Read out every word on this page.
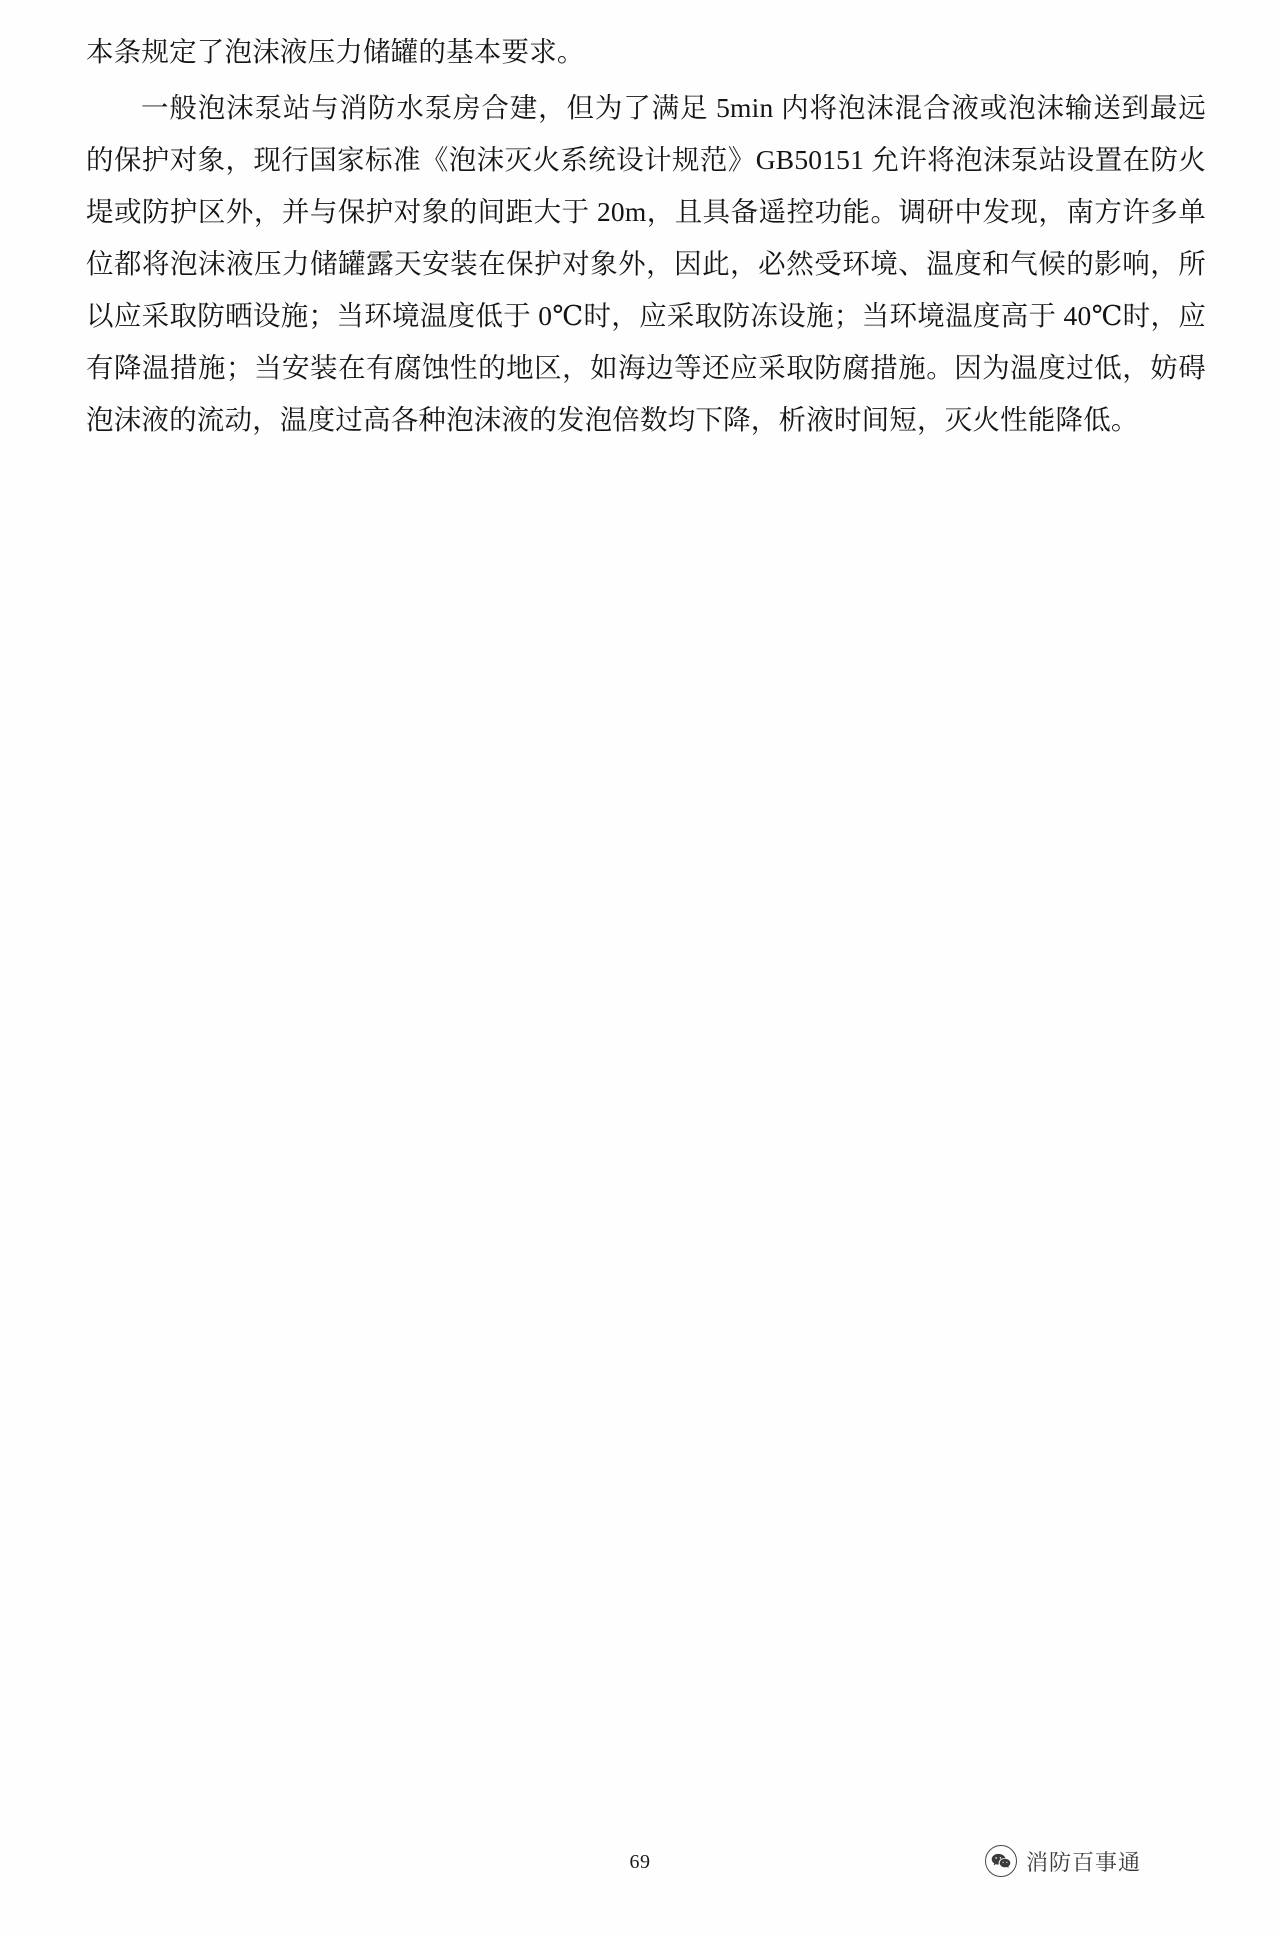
本条规定了泡沫液压力储罐的基本要求。

一般泡沫泵站与消防水泵房合建，但为了满足 5min 内将泡沫混合液或泡沫输送到最远的保护对象，现行国家标准《泡沫灭火系统设计规范》GB50151 允许将泡沫泵站设置在防火堤或防护区外，并与保护对象的间距大于 20m，且具备遥控功能。调研中发现，南方许多单位都将泡沫液压力储罐露天安装在保护对象外，因此，必然受环境、温度和气候的影响，所以应采取防晒设施；当环境温度低于 0℃时，应采取防冻设施；当环境温度高于 40℃时，应有降温措施；当安装在有腐蚀性的地区，如海边等还应采取防腐措施。因为温度过低，妨碍泡沫液的流动，温度过高各种泡沫液的发泡倍数均下降，析液时间短，灭火性能降低。

69	消防百事通
